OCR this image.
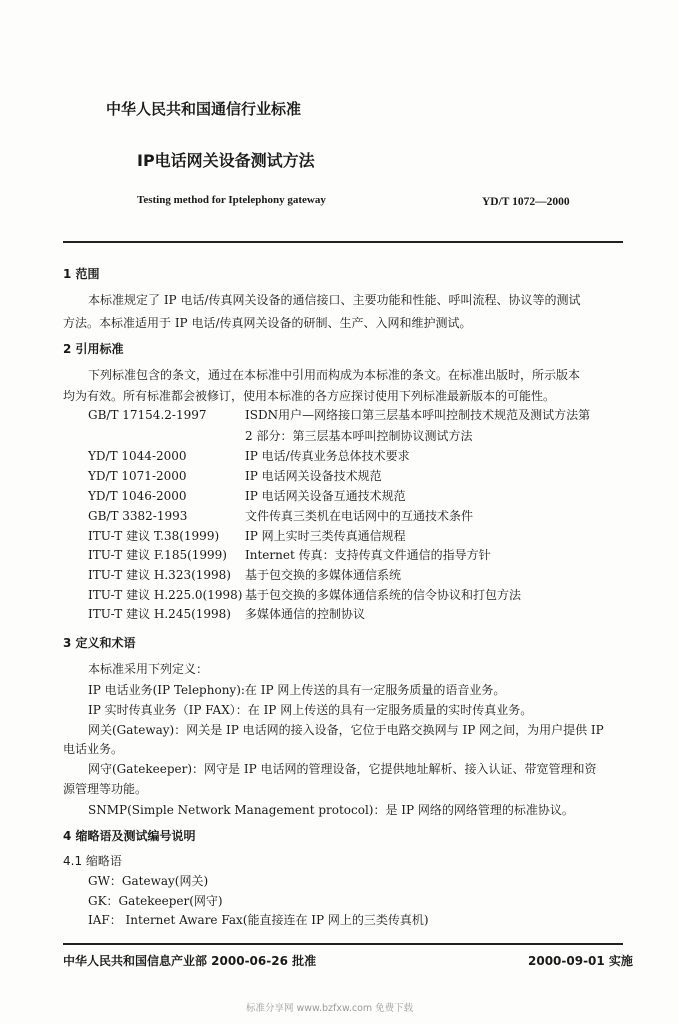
中华人民共和国通信行业标准
IP电话网关设备测试方法
Testing method for Iptelephony gateway	YD/T 1072—2000
1 范围
本标准规定了 IP 电话/传真网关设备的通信接口、主要功能和性能、呼叫流程、协议等的测试
方法。本标准适用于 IP 电话/传真网关设备的研制、生产、入网和维护测试。
2 引用标准
下列标准包含的条文，通过在本标准中引用而构成为本标准的条文。在标准出版时，所示版本
均为有效。所有标准都会被修订，使用本标准的各方应探讨使用下列标准最新版本的可能性。
GB/T 17154.2-1997	ISDN用户—网络接口第三层基本呼叫控制技术规范及测试方法第
2 部分：第三层基本呼叫控制协议测试方法
YD/T 1044-2000	IP 电话/传真业务总体技术要求
YD/T 1071-2000	IP 电话网关设备技术规范
YD/T 1046-2000	IP 电话网关设备互通技术规范
GB/T 3382-1993	文件传真三类机在电话网中的互通技术条件
ITU-T 建议 T.38(1999) IP 网上实时三类传真通信规程
ITU-T 建议 F.185(1999) Internet 传真：支持传真文件通信的指导方针
ITU-T 建议 H.323(1998) 基于包交换的多媒体通信系统
ITU-T 建议 H.225.0(1998) 基于包交换的多媒体通信系统的信令协议和打包方法
ITU-T 建议 H.245(1998) 多媒体通信的控制协议
3 定义和术语
本标准采用下列定义：
IP 电话业务(IP Telephony):在 IP 网上传送的具有一定服务质量的语音业务。
IP 实时传真业务（IP FAX）：在 IP 网上传送的具有一定服务质量的实时传真业务。
网关(Gateway)：网关是 IP 电话网的接入设备，它位于电路交换网与 IP 网之间，为用户提供 IP
电话业务。
网守(Gatekeeper)：网守是 IP 电话网的管理设备，它提供地址解析、接入认证、带宽管理和资
源管理等功能。
SNMP(Simple Network Management protocol)：是 IP 网络的网络管理的标准协议。
4 缩略语及测试编号说明
4.1 缩略语
GW：Gateway(网关)
GK：Gatekeeper(网守)
IAF： Internet Aware Fax(能直接连在 IP 网上的三类传真机)
中华人民共和国信息产业部 2000-06-26 批准	2000-09-01 实施
标准分享网 www.bzfxw.com 免费下载
